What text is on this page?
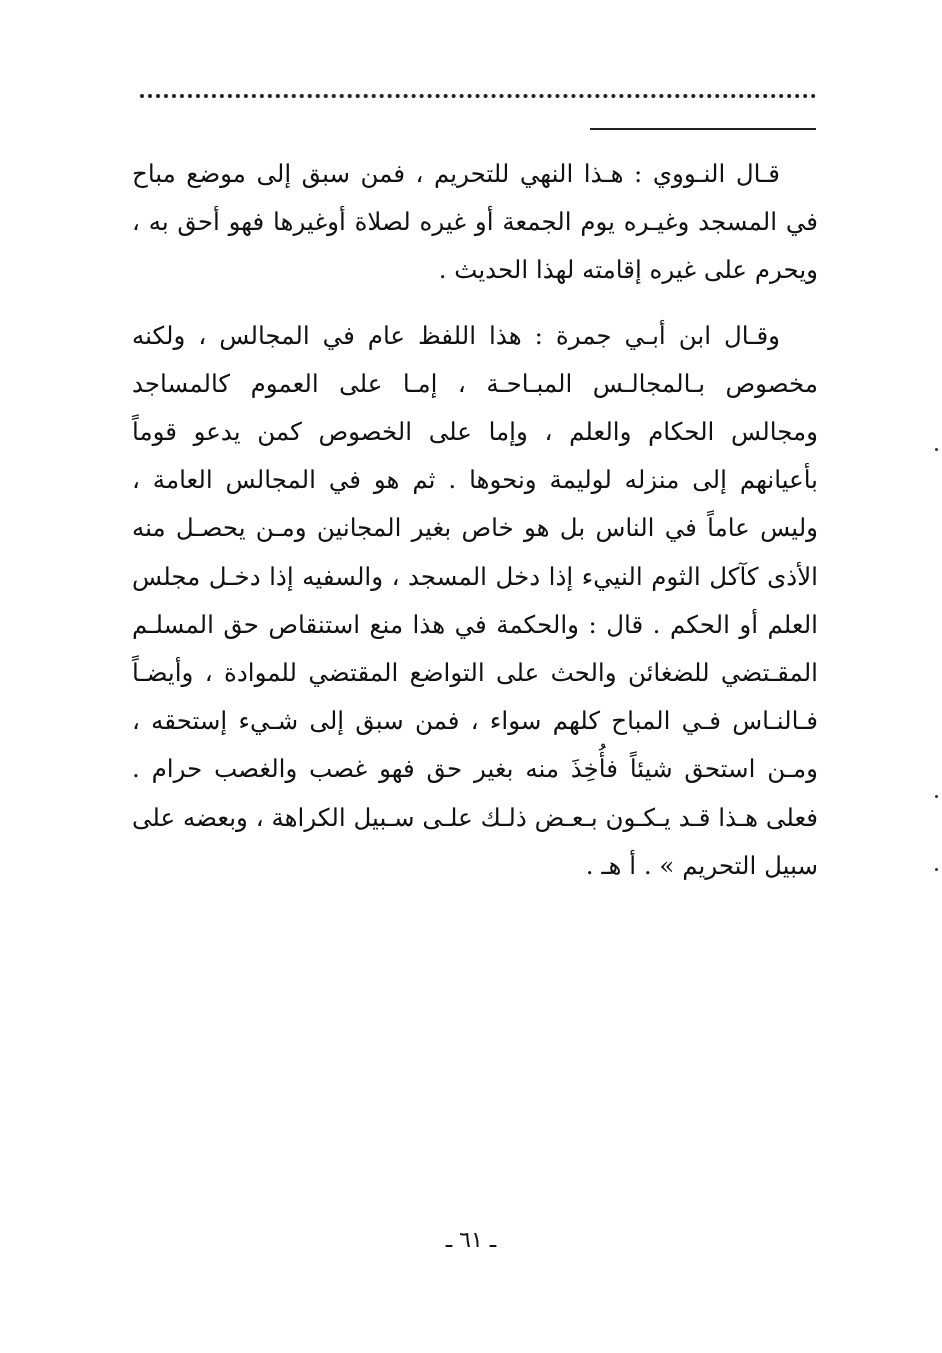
قـال النـووي : هـذا النهي للتحريم ، فمن سبق إلى موضع مباح في المسجد وغيـره يوم الجمعة أو غيره لصلاة أوغيرها فهو أحق به ، ويحرم على غيره إقامته لهذا الحديث .

وقـال ابن أبـي جمرة : هذا اللفظ عام في المجالس ، ولكنه مخصوص بـالمجالـس المبـاحـة ، إمـا على العموم كالمساجد ومجالس الحكام والعلم ، وإما على الخصوص كمن يدعو قوماً بأعيانهم إلى منزله لوليمة ونحوها . ثم هو في المجالس العامة ، وليس عاماً في الناس بل هو خاص بغير المجانين ومـن يحصـل منه الأذى كآكل الثوم النييء إذا دخل المسجد ، والسفيه إذا دخـل مجلس العلم أو الحكم . قال : والحكمة في هذا منع استنقاص حق المسلـم المقـتضي للضغائن والحث على التواضع المقتضي للموادة ، وأيضـاً فـالنـاس فـي المباح كلهم سواء ، فمن سبق إلى شـيء إستحقه ، ومـن استحق شيئاً فأُخِذَ منه بغير حق فهو غصب والغصب حرام . فعلى هـذا قـد يـكـون بـعـض ذلـك علـى سـبيل الكراهة ، وبعضه على سبيل التحريم » . أ هـ .

ـ ٦١ ـ
